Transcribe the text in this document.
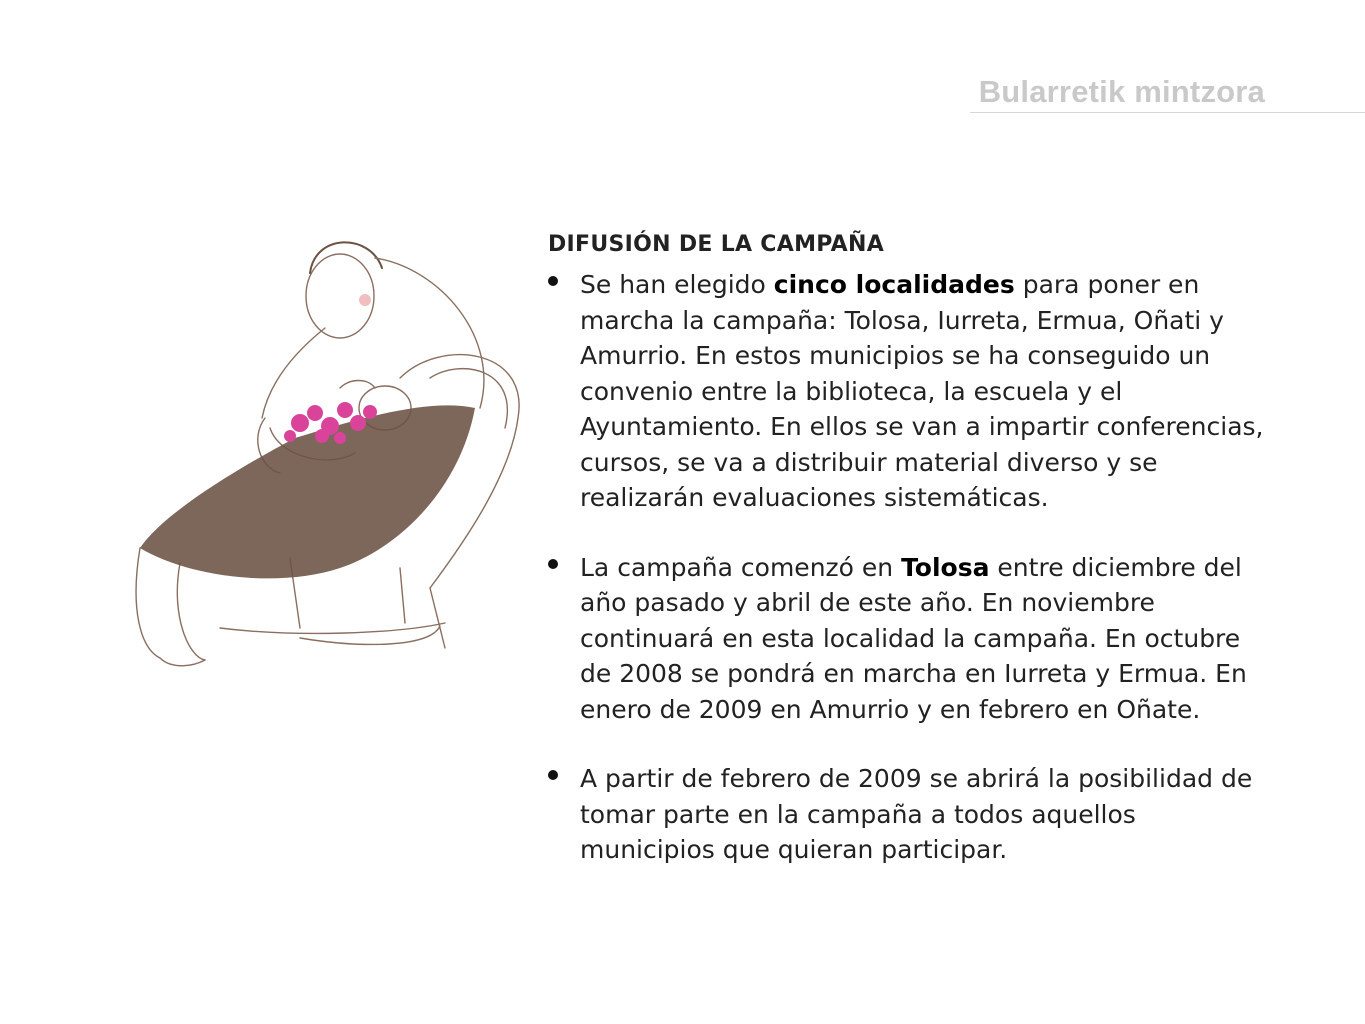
Bularretik mintzora
DIFUSIÓN DE LA CAMPAÑA
Se han elegido cinco localidades para poner en marcha la campaña: Tolosa, Iurreta, Ermua, Oñati y Amurrio. En estos municipios se ha conseguido un convenio entre la biblioteca, la escuela y el Ayuntamiento. En ellos se van a impartir conferencias, cursos, se va a distribuir material diverso y se realizarán evaluaciones sistemáticas.
La campaña comenzó en Tolosa entre diciembre del año pasado y abril de este año. En noviembre continuará en esta localidad la campaña. En octubre de 2008 se pondrá en marcha en Iurreta y Ermua. En enero de 2009 en Amurrio y en febrero en Oñate.
A partir de febrero de 2009 se abrirá la posibilidad de tomar parte en la campaña a todos aquellos municipios que quieran participar.
